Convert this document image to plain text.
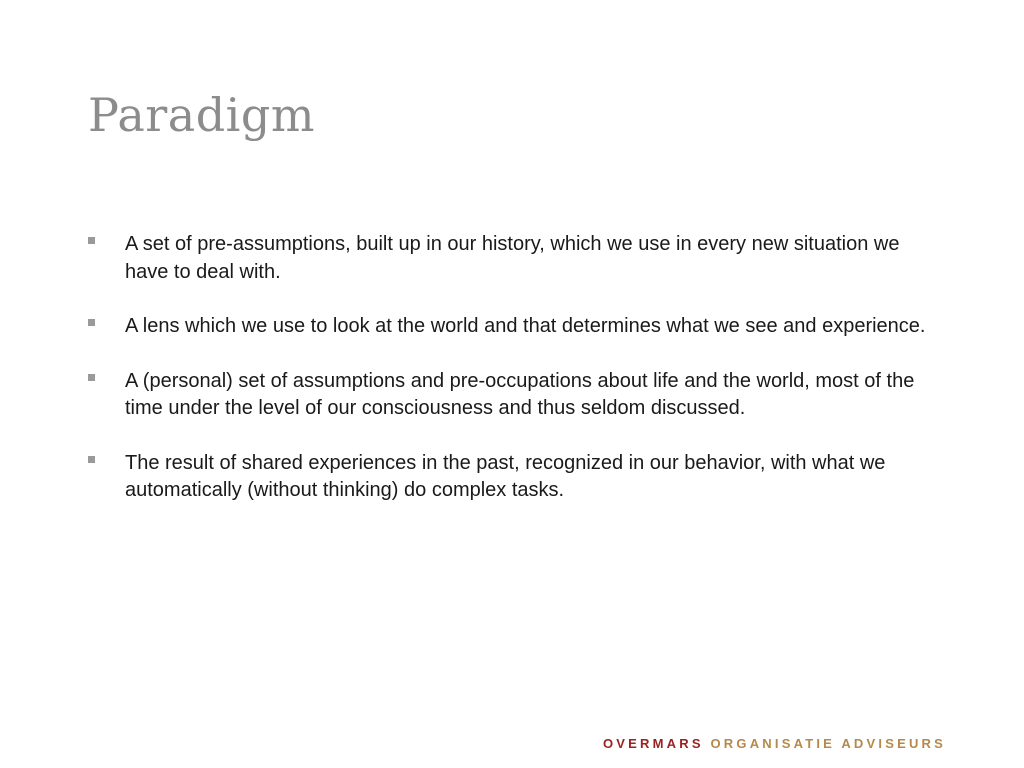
Paradigm
A set of pre-assumptions, built up in our history, which we use in every new situation we have to deal with.
A lens which we use to look at the world and that determines what we see and experience.
A (personal) set of assumptions and pre-occupations about life and the world, most of the time under the level of our consciousness and thus seldom discussed.
The result of shared experiences in the past, recognized in our behavior, with what we automatically (without thinking) do complex tasks.
OVERMARS ORGANISATIE ADVISEURS
